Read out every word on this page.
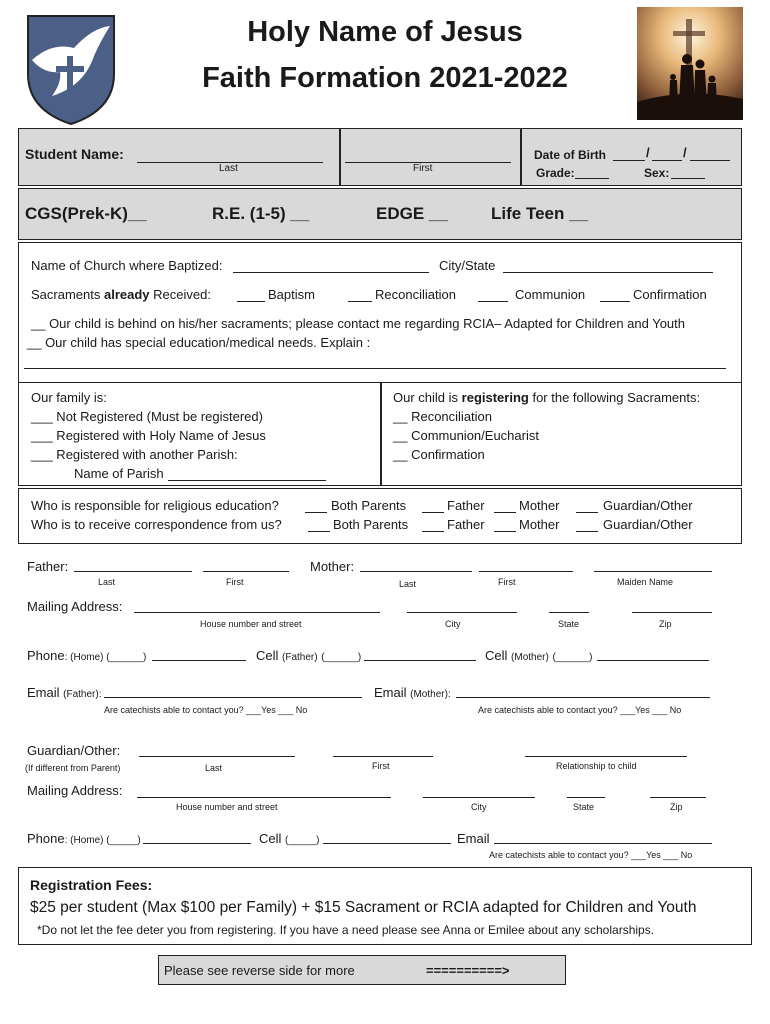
Holy Name of Jesus
Faith Formation 2021-2022
Student Name:
Last	First
Date of Birth	/	/
Grade:	Sex:
CGS(Prek-K)__	R.E. (1-5) __	EDGE __	Life Teen __
Name of Church where Baptized:	City/State
Sacraments already Received:	Baptism	Reconciliation	Communion	Confirmation
__ Our child is behind on his/her sacraments; please contact me regarding RCIA– Adapted for Children and Youth
__ Our child has special education/medical needs. Explain :
Our family is:
___ Not Registered (Must be registered)
___ Registered with Holy Name of Jesus
___ Registered with another Parish:
Name of Parish
Our child is registering for the following Sacraments:
__ Reconciliation
__ Communion/Eucharist
__ Confirmation
Who is responsible for religious education?	Both Parents	Father	Mother	Guardian/Other
Who is to receive correspondence from us?	Both Parents	Father	Mother	Guardian/Other
Father:
Last	First
Mother:
Last	First	Maiden Name
Mailing Address:
House number and street	City	State	Zip
Phone: (Home) (______)	Cell (Father) (______)	Cell (Mother) (______)
Email (Father):	Email (Mother):
Are catechists able to contact you? ___Yes ___ No	Are catechists able to contact you? ___Yes ___ No
Guardian/Other:
(If different from Parent)	Last	First	Relationship to child
Mailing Address:
House number and street	City	State	Zip
Phone: (Home) (_____)	Cell (_____)	Email
Are catechists able to contact you? ___Yes ___ No
Registration Fees:
$25 per student (Max $100 per Family) + $15 Sacrament or RCIA adapted for Children and Youth
*Do not let the fee deter you from registering. If you have a need please see Anna or Emilee about any scholarships.
Please see reverse side for more	==========>
